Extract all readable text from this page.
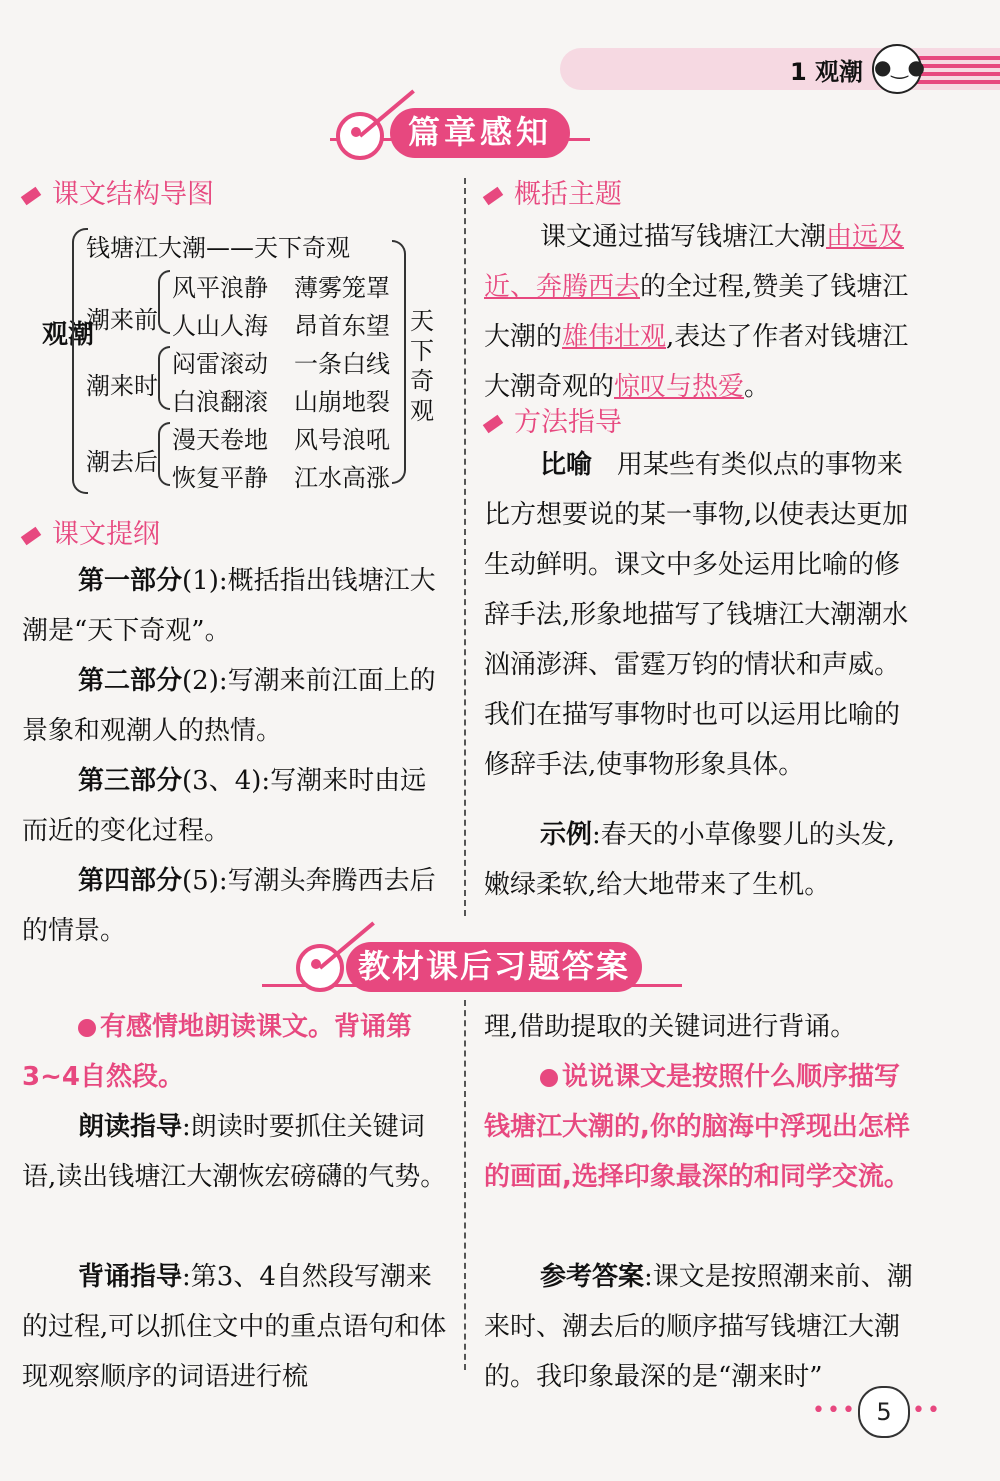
1 观潮 ●‿●
篇章感知
课文结构导图
观潮
钱塘江大潮——天下奇观
潮来前
风平浪静 薄雾笼罩
人山人海 昂首东望
潮来时
闷雷滚动 一条白线
白浪翻滚 山崩地裂
潮去后
漫天卷地 风号浪吼
恢复平静 江水高涨
天下奇观
课文提纲
第一部分(1):概括指出钱塘江大潮是“天下奇观”。
第二部分(2):写潮来前江面上的景象和观潮人的热情。
第三部分(3、4):写潮来时由远而近的变化过程。
第四部分(5):写潮头奔腾西去后的情景。
概括主题
课文通过描写钱塘江大潮由远及近、奔腾西去的全过程,赞美了钱塘江大潮的雄伟壮观,表达了作者对钱塘江大潮奇观的惊叹与热爱。
方法指导
比喻 用某些有类似点的事物来比方想要说的某一事物,以使表达更加生动鲜明。课文中多处运用比喻的修辞手法,形象地描写了钱塘江大潮潮水汹涌澎湃、雷霆万钧的情状和声威。我们在描写事物时也可以运用比喻的修辞手法,使事物形象具体。
示例:春天的小草像婴儿的头发,嫩绿柔软,给大地带来了生机。
教材课后习题答案
有感情地朗读课文。背诵第3~4自然段。
朗读指导:朗读时要抓住关键词语,读出钱塘江大潮恢宏磅礴的气势。
背诵指导:第3、4自然段写潮来的过程,可以抓住文中的重点语句和体现观察顺序的词语进行梳
理,借助提取的关键词进行背诵。
说说课文是按照什么顺序描写钱塘江大潮的,你的脑海中浮现出怎样的画面,选择印象最深的和同学交流。
参考答案:课文是按照潮来前、潮来时、潮去后的顺序描写钱塘江大潮的。我印象最深的是“潮来时”
••• 5 ••
